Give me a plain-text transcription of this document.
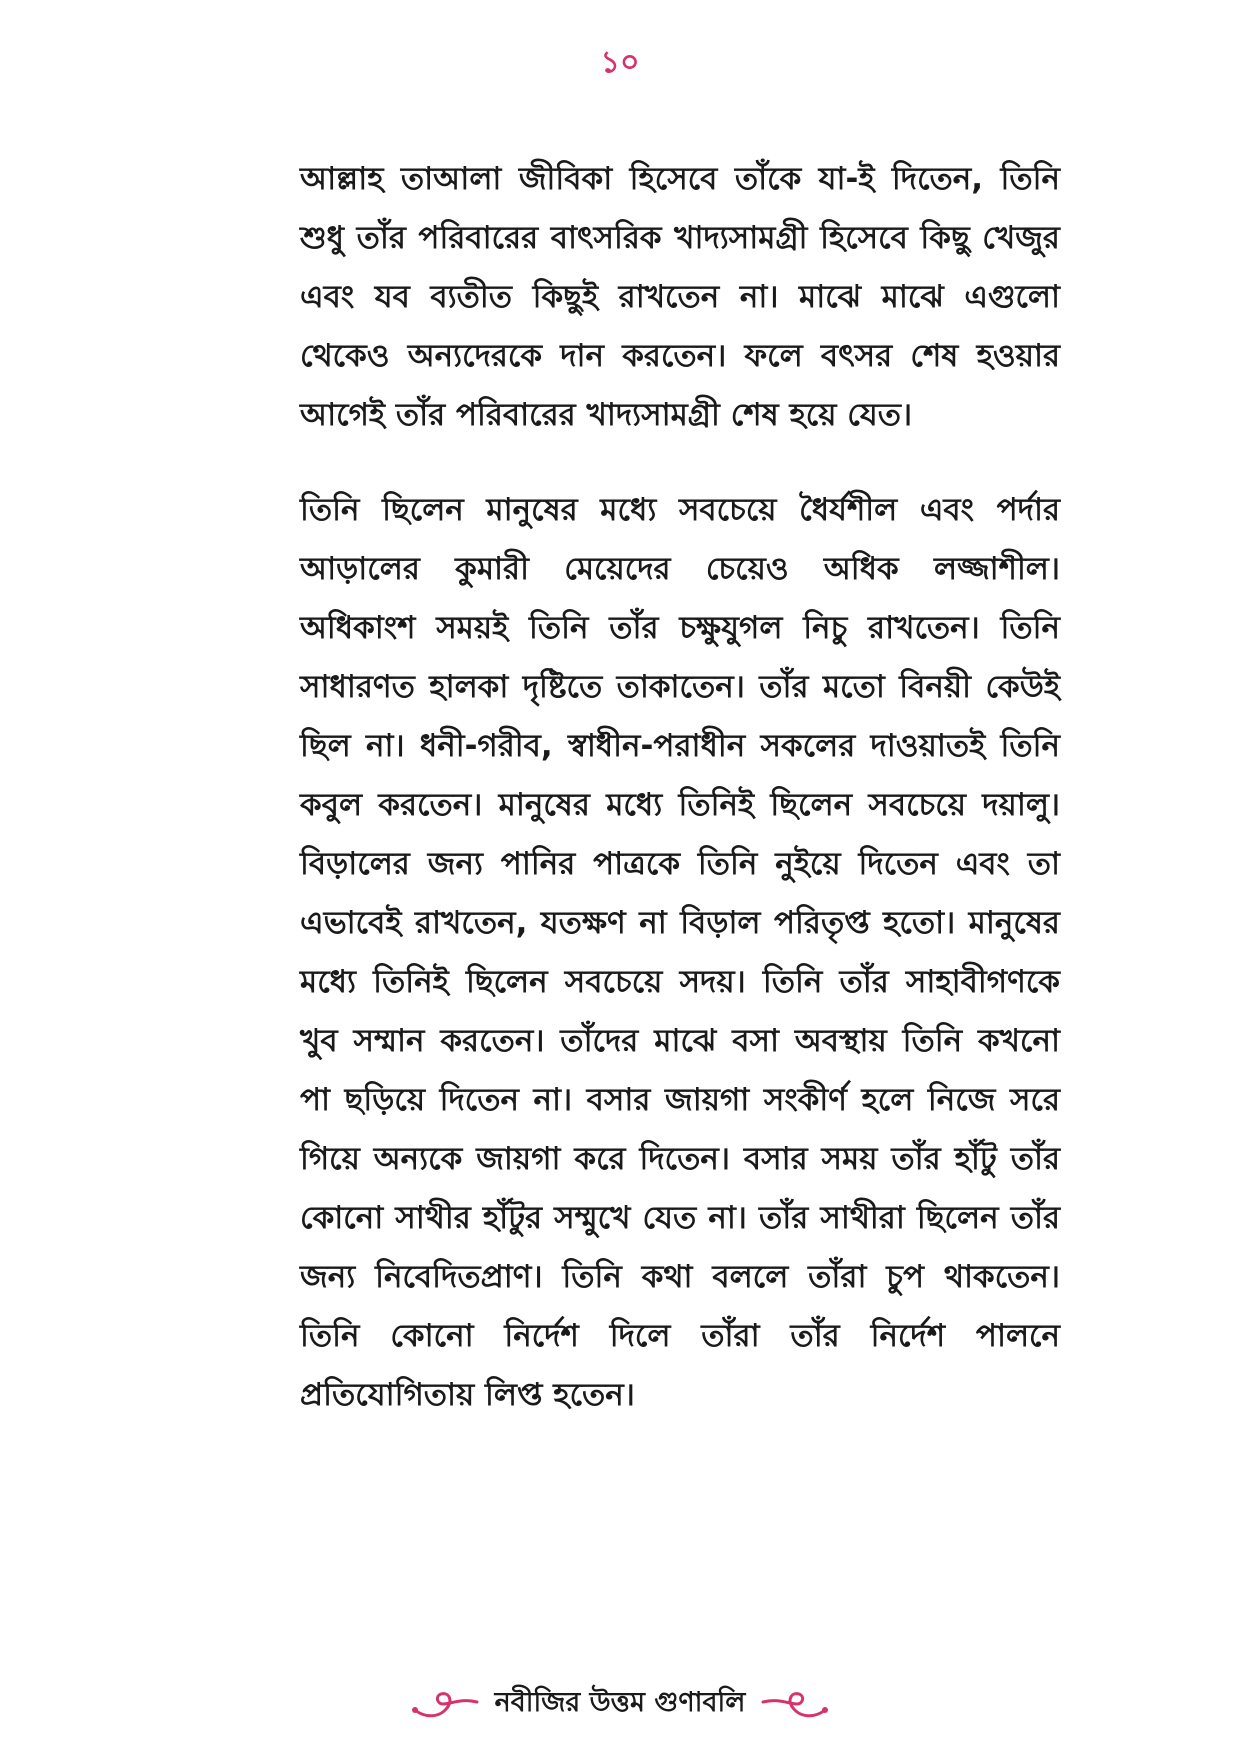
১০

আল্লাহ তাআলা জীবিকা হিসেবে তাঁকে যা-ই দিতেন, তিনি শুধু তাঁর পরিবারের বাৎসরিক খাদ্যসামগ্রী হিসেবে কিছু খেজুর এবং যব ব্যতীত কিছুই রাখতেন না। মাঝে মাঝে এগুলো থেকেও অন্যদেরকে দান করতেন। ফলে বৎসর শেষ হওয়ার আগেই তাঁর পরিবারের খাদ্যসামগ্রী শেষ হয়ে যেত।

তিনি ছিলেন মানুষের মধ্যে সবচেয়ে ধৈর্যশীল এবং পর্দার আড়ালের কুমারী মেয়েদের চেয়েও অধিক লজ্জাশীল। অধিকাংশ সময়ই তিনি তাঁর চক্ষুযুগল নিচু রাখতেন। তিনি সাধারণত হালকা দৃষ্টিতে তাকাতেন। তাঁর মতো বিনয়ী কেউই ছিল না। ধনী-গরীব, স্বাধীন-পরাধীন সকলের দাওয়াতই তিনি কবুল করতেন। মানুষের মধ্যে তিনিই ছিলেন সবচেয়ে দয়ালু। বিড়ালের জন্য পানির পাত্রকে তিনি নুইয়ে দিতেন এবং তা এভাবেই রাখতেন, যতক্ষণ না বিড়াল পরিতৃপ্ত হতো। মানুষের মধ্যে তিনিই ছিলেন সবচেয়ে সদয়। তিনি তাঁর সাহাবীগণকে খুব সম্মান করতেন। তাঁদের মাঝে বসা অবস্থায় তিনি কখনো পা ছড়িয়ে দিতেন না। বসার জায়গা সংকীর্ণ হলে নিজে সরে গিয়ে অন্যকে জায়গা করে দিতেন। বসার সময় তাঁর হাঁটু তাঁর কোনো সাথীর হাঁটুর সম্মুখে যেত না। তাঁর সাথীরা ছিলেন তাঁর জন্য নিবেদিতপ্রাণ। তিনি কথা বললে তাঁরা চুপ থাকতেন। তিনি কোনো নির্দেশ দিলে তাঁরা তাঁর নির্দেশ পালনে প্রতিযোগিতায় লিপ্ত হতেন।

নবীজির উত্তম গুণাবলি
